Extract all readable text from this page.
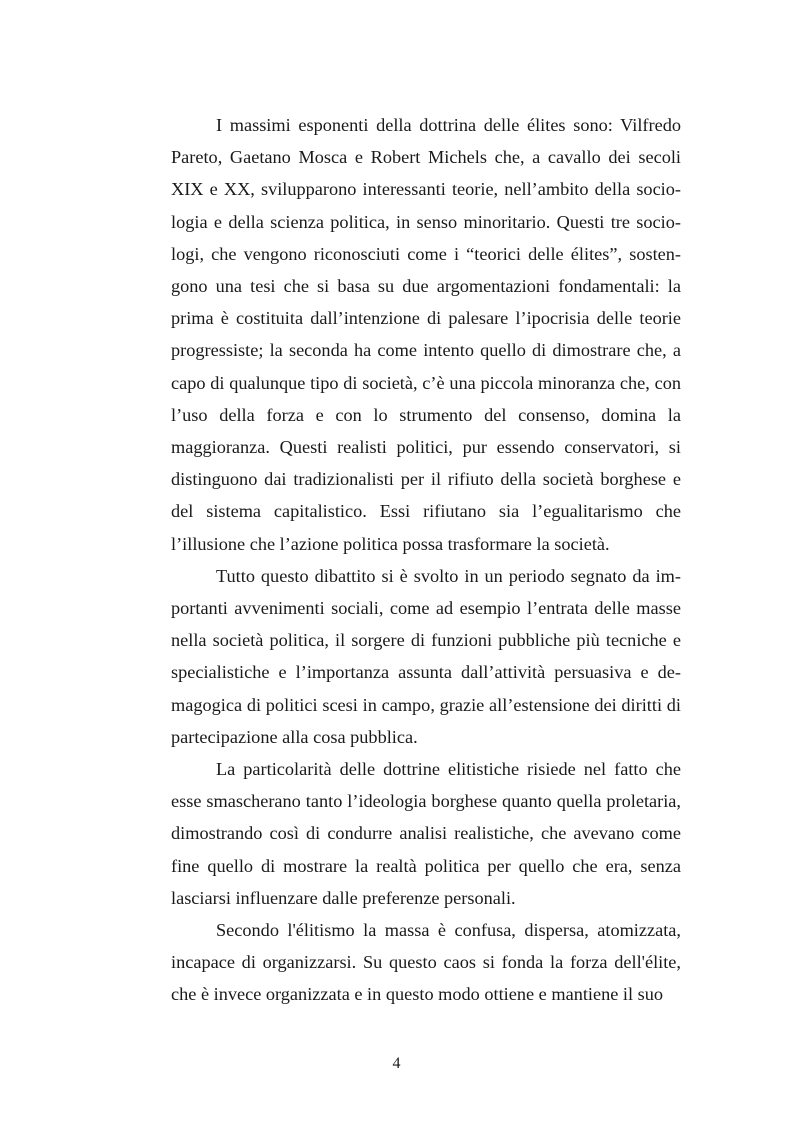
I massimi esponenti della dottrina delle élites sono: Vilfredo Pareto, Gaetano Mosca e Robert Michels che, a cavallo dei secoli XIX e XX, svilupparono interessanti teorie, nell’ambito della sociologia e della scienza politica, in senso minoritario. Questi tre sociologi, che vengono riconosciuti come i “teorici delle élites”, sostengono una tesi che si basa su due argomentazioni fondamentali: la prima è costituita dall’intenzione di palesare l’ipocrisia delle teorie progressiste; la seconda ha come intento quello di dimostrare che, a capo di qualunque tipo di società, c’è una piccola minoranza che, con l’uso della forza e con lo strumento del consenso, domina la maggioranza. Questi realisti politici, pur essendo conservatori, si distinguono dai tradizionalisti per il rifiuto della società borghese e del sistema capitalistico. Essi rifiutano sia l’egualitarismo che l’illusione che l’azione politica possa trasformare la società.

Tutto questo dibattito si è svolto in un periodo segnato da importanti avvenimenti sociali, come ad esempio l’entrata delle masse nella società politica, il sorgere di funzioni pubbliche più tecniche e specialistiche e l’importanza assunta dall’attività persuasiva e demagogica di politici scesi in campo, grazie all’estensione dei diritti di partecipazione alla cosa pubblica.

La particolarità delle dottrine elitistiche risiede nel fatto che esse smascherano tanto l’ideologia borghese quanto quella proletaria, dimostrando così di condurre analisi realistiche, che avevano come fine quello di mostrare la realtà politica per quello che era, senza lasciarsi influenzare dalle preferenze personali.

Secondo l'élitismo la massa è confusa, dispersa, atomizzata, incapace di organizzarsi. Su questo caos si fonda la forza dell'élite, che è invece organizzata e in questo modo ottiene e mantiene il suo

4
